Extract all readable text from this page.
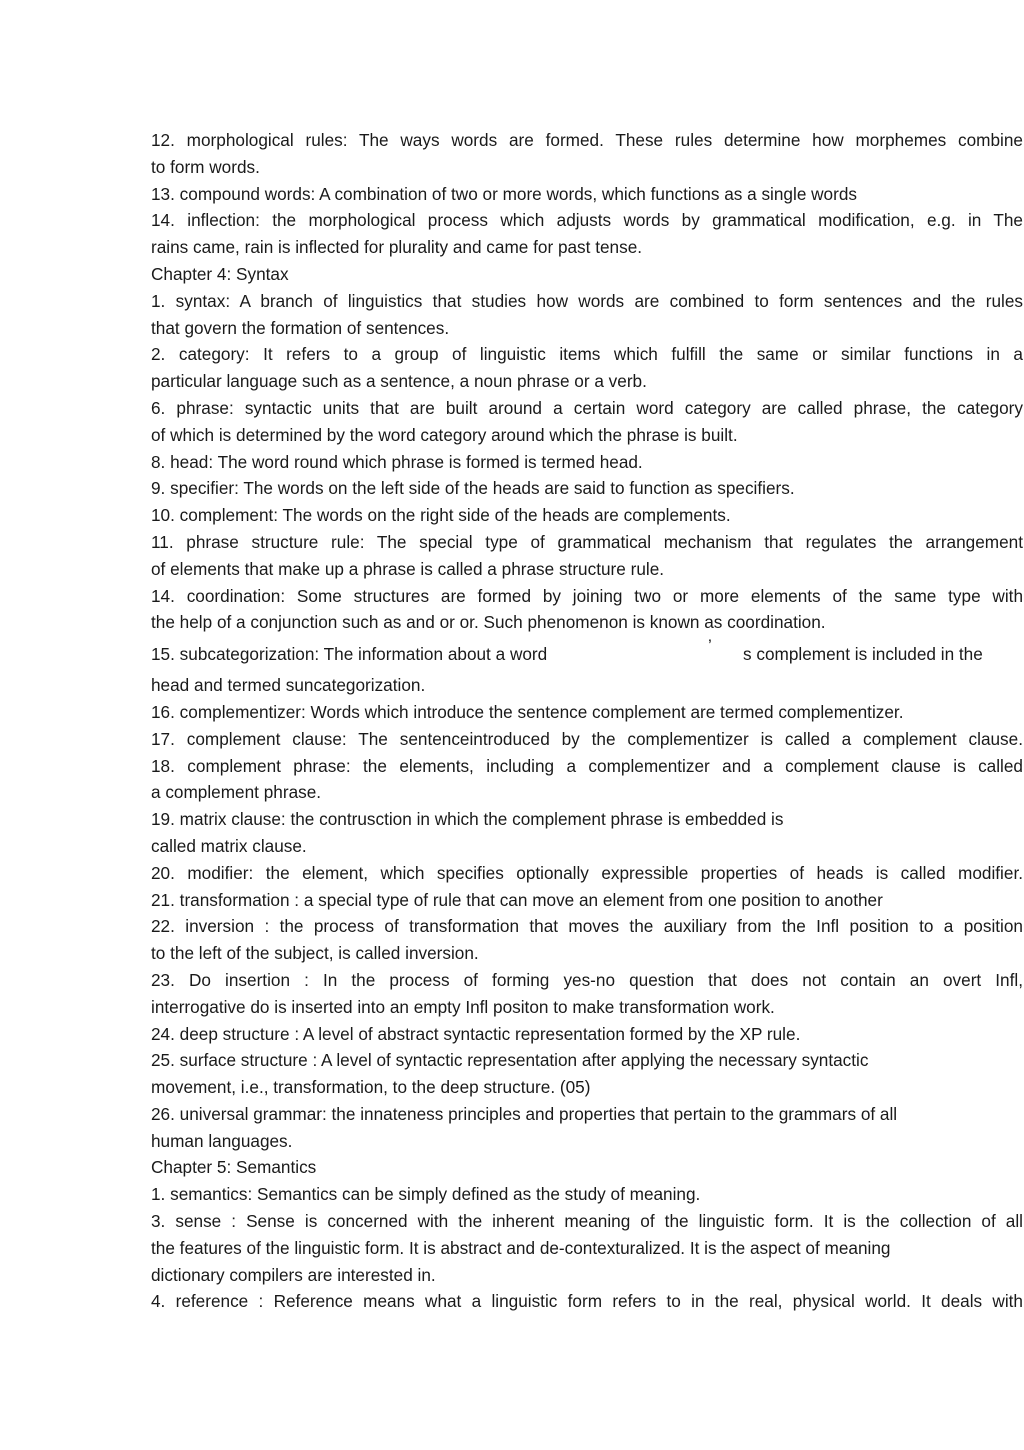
12. morphological rules: The ways words are formed. These rules determine how morphemes combine
to form words.
13. compound words: A combination of two or more words, which functions as a single words
14. inflection: the morphological process which adjusts words by grammatical modification, e.g. in The
rains came, rain is inflected for plurality and came for past tense.
Chapter 4: Syntax
1. syntax: A branch of linguistics that studies how words are combined to form sentences and the rules
that govern the formation of sentences.
2. category: It refers to a group of linguistic items which fulfill the same or similar functions in a
particular language such as a sentence, a noun phrase or a verb.
6. phrase: syntactic units that are built around a certain word category are called phrase, the category
of which is determined by the word category around which the phrase is built.
8. head: The word round which phrase is formed is termed head.
9. specifier: The words on the left side of the heads are said to function as specifiers.
10. complement: The words on the right side of the heads are complements.
11. phrase structure rule: The special type of grammatical mechanism that regulates the arrangement
of elements that make up a phrase is called a phrase structure rule.
14. coordination: Some structures are formed by joining two or more elements of the same type with
the help of a conjunction such as and or or. Such phenomenon is known as coordination.
15. subcategorization: The information about a word	’ s complement is included in the
head and termed suncategorization.
16. complementizer: Words which introduce the sentence complement are termed complementizer.
17. complement clause: The sentenceintroduced by the complementizer is called a complement clause.
18. complement phrase: the elements, including a complementizer and a complement clause is called
a complement phrase.
19. matrix clause: the contrusction in which the complement phrase is embedded is
called matrix clause.
20. modifier: the element, which specifies optionally expressible properties of heads is called modifier.
21. transformation : a special type of rule that can move an element from one position to another
22. inversion : the process of transformation that moves the auxiliary from the Infl position to a position
to the left of the subject, is called inversion.
23. Do insertion : In the process of forming yes-no question that does not contain an overt Infl,
interrogative do is inserted into an empty Infl positon to make transformation work.
24. deep structure : A level of abstract syntactic representation formed by the XP rule.
25. surface structure : A level of syntactic representation after applying the necessary syntactic
movement, i.e., transformation, to the deep structure. (05)
26. universal grammar: the innateness principles and properties that pertain to the grammars of all
human languages.
Chapter 5: Semantics
1. semantics: Semantics can be simply defined as the study of meaning.
3. sense : Sense is concerned with the inherent meaning of the linguistic form. It is the collection of all
the features of the linguistic form. It is abstract and de-contexturalized. It is the aspect of meaning
dictionary compilers are interested in.
4. reference : Reference means what a linguistic form refers to in the real, physical world. It deals with
